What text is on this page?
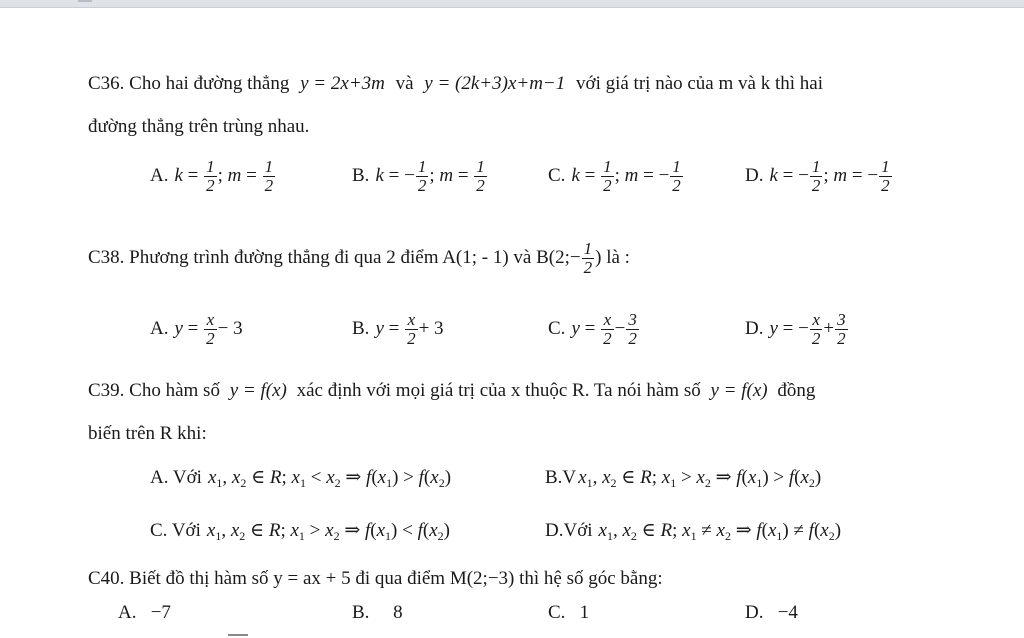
C36. Cho hai đường thẳng y = 2x+3m và y = (2k+3)x+m−1 với giá trị nào của m và k thì hai
đường thẳng trên trùng nhau.
A. $k = \frac{1}{2}$ ; $m = \frac{1}{2}$	B. k = − $\frac{1}{2}$ ; $m = \frac{1}{2}$	C. $k = \frac{1}{2}$ ; m = − $\frac{1}{2}$	D. k = − $\frac{1}{2}$ ; m = − $\frac{1}{2}$
C38. Phương trình đường thẳng đi qua 2 điểm A(1; - 1) và B(2;− $\frac{1}{2}$ ) là :
A. $y = \frac{x}{2} - 3$	B. $y = \frac{x}{2} + 3$	C. $y = \frac{x}{2} - \frac{3}{2}$	D. y = − $\frac{x}{2} + \frac{3}{2}$
C39. Cho hàm số y = f(x) xác định với mọi giá trị của x thuộc R. Ta nói hàm số y = f(x) đồng
biến trên R khi:
A. Với $x_1$, $x_2$ ∈ R; $x_1 < x_2$ ⇒ $f(x_1) > f(x_2)$	B.V $x_1$, $x_2$ ∈ R; $x_1 > x_2$ ⇒ $f(x_1) > f(x_2)$
C. Với $x_1$, $x_2$ ∈ R; $x_1 > x_2$ ⇒ $f(x_1) < f(x_2)$	D.Với $x_1$, $x_2$ ∈ R; $x_1 \ne x_2$ ⇒ $f(x_1) \ne f(x_2)$
C40. Biết đồ thị hàm số y = ax + 5 đi qua điểm M(2;−3) thì hệ số góc bằng:
A.   −7	B.     8	C.   1	D.   −4
